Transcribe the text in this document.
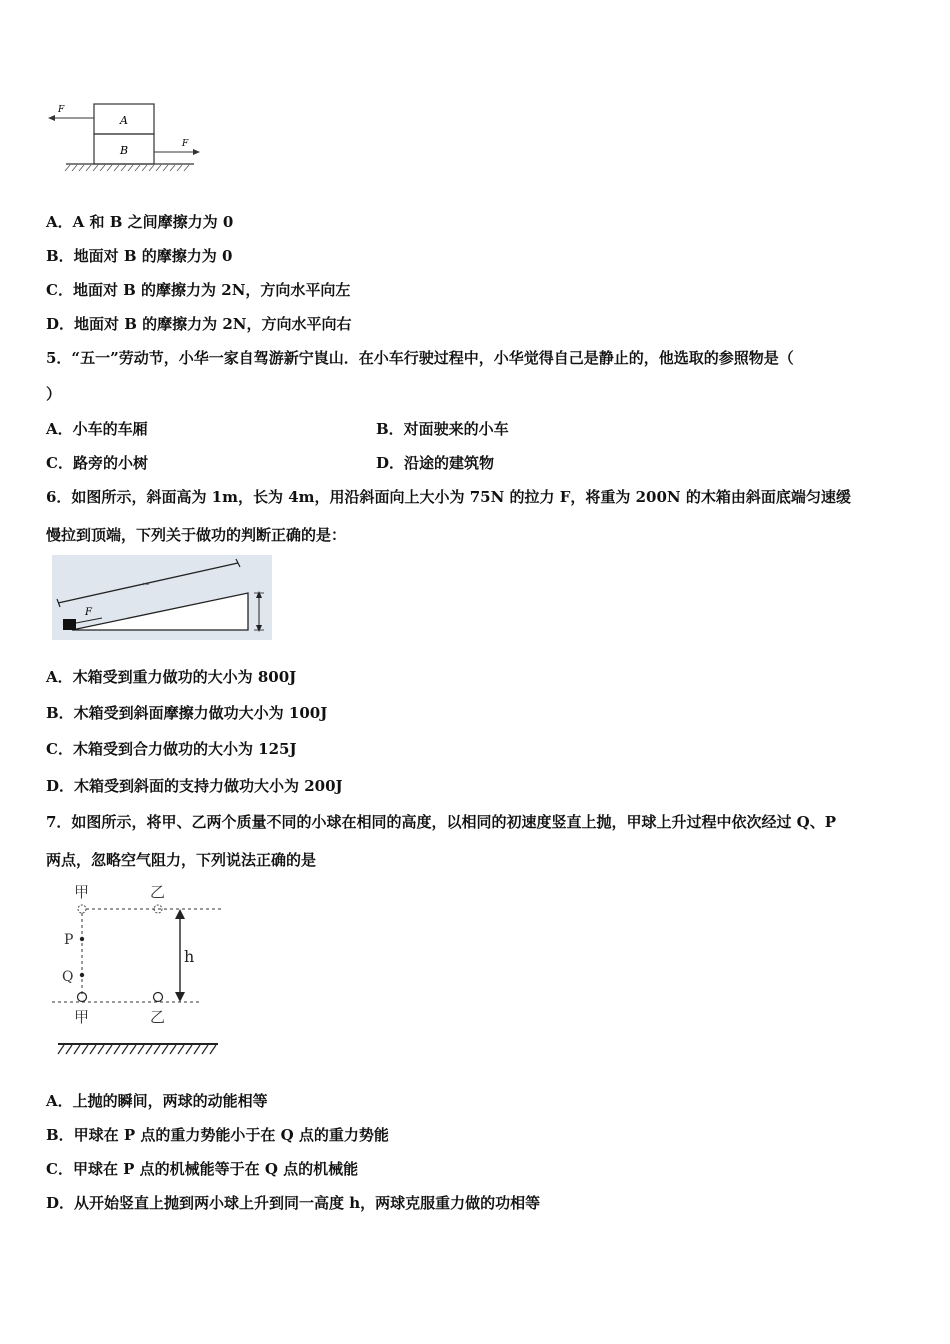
A
B
F
F
A．A 和 B 之间摩擦力为 0
B．地面对 B 的摩擦力为 0
C．地面对 B 的摩擦力为 2N，方向水平向左
D．地面对 B 的摩擦力为 2N，方向水平向右
5．“五一”劳动节，小华一家自驾游新宁崀山．在小车行驶过程中，小华觉得自己是静止的，他选取的参照物是（
）
A．小车的车厢	B．对面驶来的小车
C．路旁的小树	D．沿途的建筑物
6．如图所示，斜面高为 1m，长为 4m，用沿斜面向上大小为 75N 的拉力 F，将重为 200N 的木箱由斜面底端匀速缓
慢拉到顶端，下列关于做功的判断正确的是：
←
F
A．木箱受到重力做功的大小为 800J
B．木箱受到斜面摩擦力做功大小为 100J
C．木箱受到合力做功的大小为 125J
D．木箱受到斜面的支持力做功大小为 200J
7．如图所示，将甲、乙两个质量不同的小球在相同的高度，以相同的初速度竖直上抛，甲球上升过程中依次经过 Q、P
两点，忽略空气阻力，下列说法正确的是
甲	乙
P
Q
h
甲	乙
A．上抛的瞬间，两球的动能相等
B．甲球在 P 点的重力势能小于在 Q 点的重力势能
C．甲球在 P 点的机械能等于在 Q 点的机械能
D．从开始竖直上抛到两小球上升到同一高度 h，两球克服重力做的功相等
